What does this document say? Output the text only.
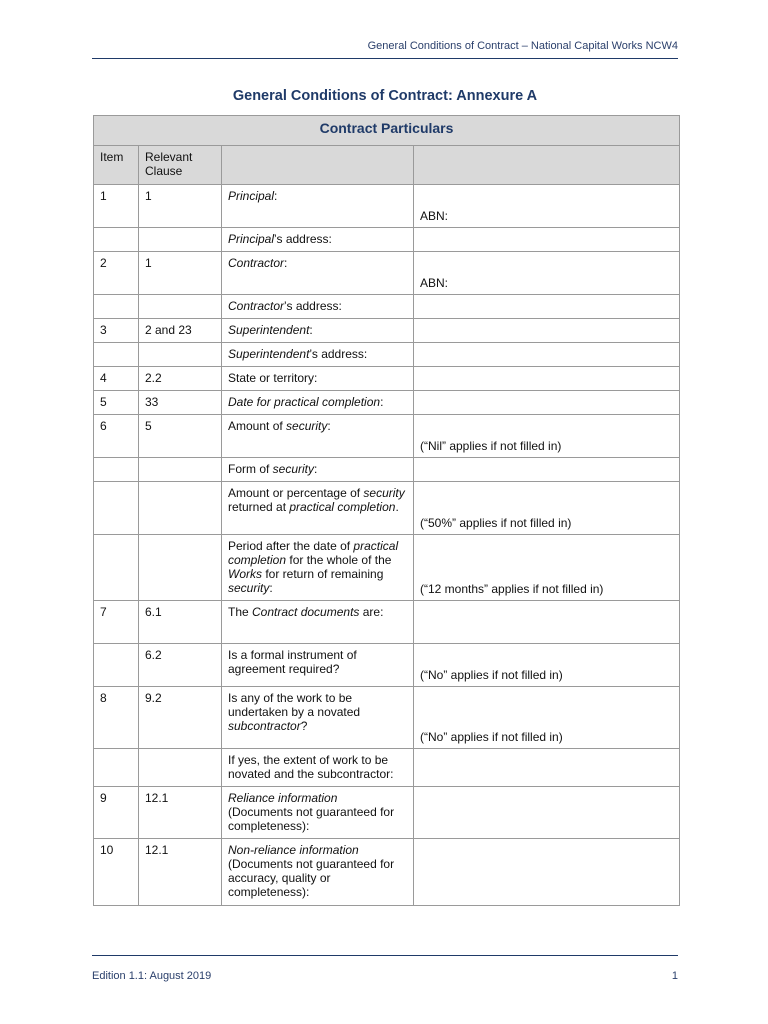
General Conditions of Contract – National Capital Works NCW4
General Conditions of Contract: Annexure A
Contract Particulars			
Item	Relevant Clause		
1	1	Principal:	ABN:
		Principal’s address:	
2	1	Contractor:	ABN:
		Contractor’s address:	
3	2 and 23	Superintendent:	
		Superintendent’s address:	
4	2.2	State or territory:	
5	33	Date for practical completion:	
6	5	Amount of security:	(“Nil” applies if not filled in)
		Form of security:	
		Amount or percentage of security returned at practical completion.	(“50%” applies if not filled in)
		Period after the date of practical completion for the whole of the Works for return of remaining security:	(“12 months” applies if not filled in)
7	6.1	The Contract documents are:	
	6.2	Is a formal instrument of agreement required?	(“No” applies if not filled in)
8	9.2	Is any of the work to be undertaken by a novated subcontractor?	(“No” applies if not filled in)
		If yes, the extent of work to be novated and the subcontractor:	
9	12.1	Reliance information
(Documents not guaranteed for completeness):	
10	12.1	Non-reliance information
(Documents not guaranteed for accuracy, quality or completeness):	
Edition 1.1: August 2019	1
